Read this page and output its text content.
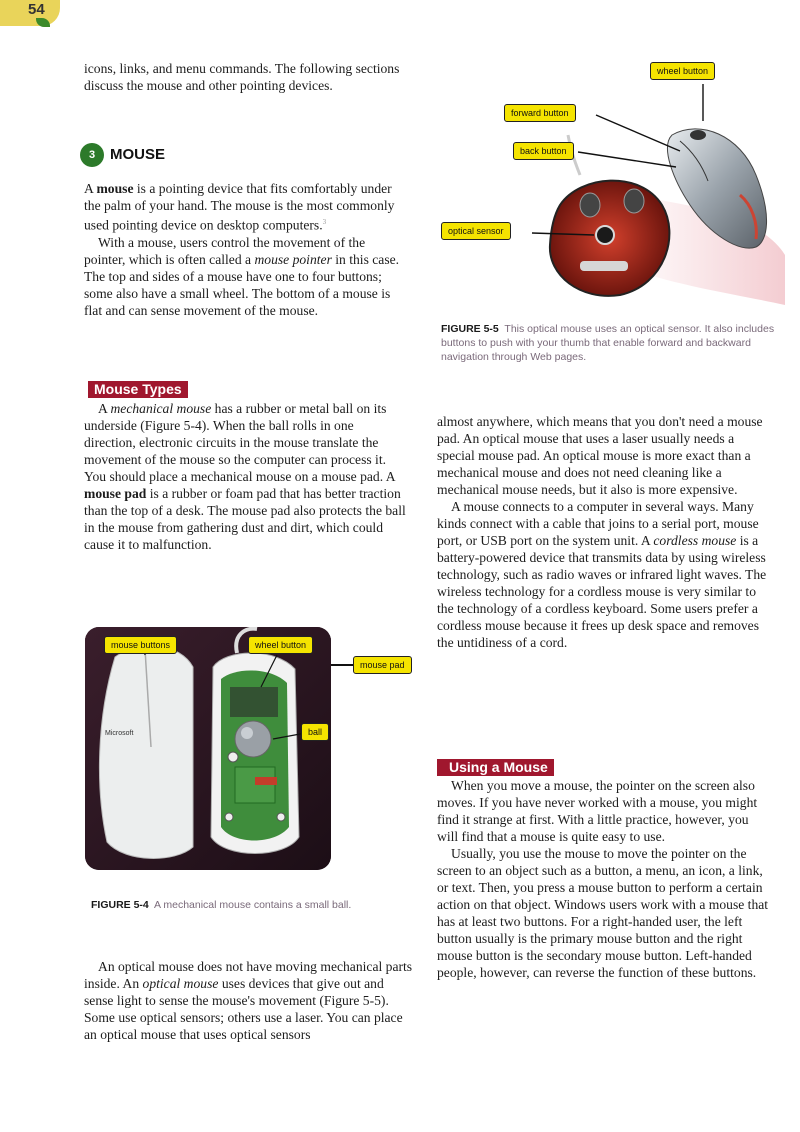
54

icons, links, and menu commands. The following sections discuss the mouse and other pointing devices.

3 MOUSE

A mouse is a pointing device that fits comfortably under the palm of your hand. The mouse is the most commonly used pointing device on desktop computers.$^3$

With a mouse, users control the movement of the pointer, which is often called a mouse pointer in this case. The top and sides of a mouse have one to four buttons; some also have a small wheel. The bottom of a mouse is flat and can sense movement of the mouse.

Mouse Types

A mechanical mouse has a rubber or metal ball on its underside (Figure 5-4). When the ball rolls in one direction, electronic circuits in the mouse translate the movement of the mouse so the computer can process it. You should place a mechanical mouse on a mouse pad. A mouse pad is a rubber or foam pad that has better traction than the top of a desk. The mouse pad also protects the ball in the mouse from gathering dust and dirt, which could cause it to malfunction.

Microsoft
mouse buttons	wheel button
mouse pad
ball
FIGURE 5-4 A mechanical mouse contains a small ball.

An optical mouse does not have moving mechanical parts inside. An optical mouse uses devices that give out and sense light to sense the mouse's movement (Figure 5-5). Some use optical sensors; others use a laser. You can place an optical mouse that uses optical sensors

wheel button
forward button
back button
optical sensor
FIGURE 5-5 This optical mouse uses an optical sensor. It also includes buttons to push with your thumb that enable forward and backward navigation through Web pages.

almost anywhere, which means that you don't need a mouse pad. An optical mouse that uses a laser usually needs a special mouse pad. An optical mouse is more exact than a mechanical mouse and does not need cleaning like a mechanical mouse needs, but it also is more expensive.

A mouse connects to a computer in several ways. Many kinds connect with a cable that joins to a serial port, mouse port, or USB port on the system unit. A cordless mouse is a battery-powered device that transmits data by using wireless technology, such as radio waves or infrared light waves. The wireless technology for a cordless mouse is very similar to the technology of a cordless keyboard. Some users prefer a cordless mouse because it frees up desk space and removes the untidiness of a cord.

Using a Mouse

When you move a mouse, the pointer on the screen also moves. If you have never worked with a mouse, you might find it strange at first. With a little practice, however, you will find that a mouse is quite easy to use.

Usually, you use the mouse to move the pointer on the screen to an object such as a button, a menu, an icon, a link, or text. Then, you press a mouse button to perform a certain action on that object. Windows users work with a mouse that has at least two buttons. For a right-handed user, the left button usually is the primary mouse button and the right mouse button is the secondary mouse button. Left-handed people, however, can reverse the function of these buttons.
